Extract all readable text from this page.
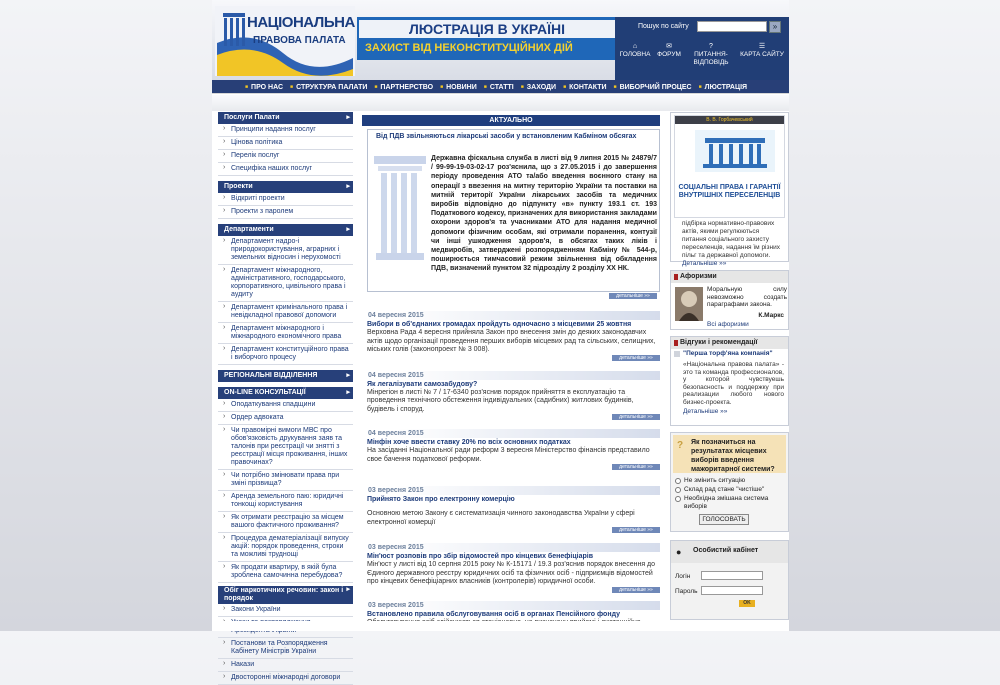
НАЦІОНАЛЬНА
ПРАВОВА ПАЛАТА
ЛЮСТРАЦІЯ В УКРАЇНІ
ЗАХИСТ ВІД НЕКОНСТИТУЦІЙНИХ ДІЙ
Пошук по сайту	»
⌂
ГОЛОВНА
✉
ФОРУМ
?
ПИТАННЯ-ВІДПОВІДЬ
☰
КАРТА САЙТУ
■ ПРО НАС	■ СТРУКТУРА ПАЛАТИ	■ ПАРТНЕРСТВО	■ НОВИНИ	■ СТАТТІ	■ ЗАХОДИ	■ КОНТАКТИ	■ ВИБОРЧИЙ ПРОЦЕС	■ ЛЮСТРАЦІЯ
Послуги Палати ▸
› Принципи надання послуг
› Цінова політика
› Перелік послуг
› Специфіка наших послуг
Проекти ▸
› Відкриті проекти
› Проекти з паролем
Департаменти ▸
› Департамент надро-і природокористування, аграрних і земельних відносин і нерухомості
› Департамент міжнародного, адміністративного, господарського, корпоративного, цивільного права і аудиту
› Департамент кримінального права і невідкладної правової допомоги
› Департамент міжнародного і міжнародного економічного права
› Департамент конституційного права і виборчого процесу
РЕГІОНАЛЬНІ ВІДДІЛЕННЯ ▸
ON-LINE КОНСУЛЬТАЦІЇ ▸
› Оподаткування спадщини
› Ордер адвоката
› Чи правомірні вимоги МВС про обов'язковість друкування заяв та талонів при реєстрації чи знятті з реєстрації місця проживання, інших правочинах?
› Чи потрібно змінювати права при зміні прізвища?
› Аренда земельного паю: юридичні тонкощі користування
› Як отримати реєстрацію за місцем вашого фактичного проживання?
› Процедура дематеріалізації випуску акцій: порядок проведення, строки та можливі труднощі
› Як продати квартиру, в якій була зроблена самочинна перебудова?
Обіг наркотичних речовин: закон і порядок ▸
› Закони України
›
› Постанови та Розпорядження Кабінету Міністрів України
› Накази
› Двосторонні міжнародні договори
АКТУАЛЬНО
Від ПДВ звільняються лікарські засоби у встановленим Кабміном обсягах
Державна фіскальна служба в листі від 9 липня 2015 № 24879/7 / 99-99-19-03-02-17 роз'яснила, що з 27.05.2015 і до завершення періоду проведення АТО та/або введення воєнного стану на операції з ввезення на митну територію України та поставки на митній території України лікарських засобів та медичних виробів відповідно до підпункту «в» пункту 193.1 ст. 193 Податкового кодексу, призначених для використання закладами охорони здоров'я та учасниками АТО для надання медичної допомоги фізичним особам, які отримали поранення, контузії чи інші ушкодження здоров'я, в обсягах таких ліків і медвиробів, затверджені розпорядженням Кабміну № 544-р, поширюється тимчасовий режим звільнення від обкладення ПДВ, визначений пунктом 32 підрозділу 2 розділу ХХ НК.
детальніше »»
04 вересня 2015
Вибори в об'єднаних громадах пройдуть одночасно з місцевими 25 жовтня
Верховна Рада 4 вересня прийняла Закон про внесення змін до деяких законодавчих актів щодо організації проведення перших виборів місцевих рад та сільських, селищних, міських голів (законопроект № 3 008).
детальніше »»
04 вересня 2015
Як легалізувати самозабудову?
Мінрегіон в листі № 7 / 17-6340 роз'яснив порядок прийняття в експлуатацію та проведення технічного обстеження індивідуальних (садибних) житлових будинків, будівель і споруд.
детальніше »»
04 вересня 2015
Мінфін хоче ввести ставку 20% по всіх основних податках
На засіданні Національної ради реформ 3 вересня Міністерство фінансів представило свое бачення податкової реформи.
детальніше »»
03 вересня 2015
Прийнято Закон про електронну комерцію
Основною метою Закону є систематизація чинного законодавства України у сфері електронної комерції
детальніше »»
03 вересня 2015
Мін'юст розповів про збір відомостей про кінцевих бенефіціарів
Мін'юст у листі від 10 серпня 2015 року № К-15171 / 19.3 роз'яснив порядок внесення до Єдиного державного реєстру юридичних осіб та фізичних осіб - підприємців відомостей про кінцевих бенефіціарних власників (контролерів) юридичної особи.
детальніше »»
03 вересня 2015
Встановлено правила обслуговування осіб в органах Пенсійного фонду
В. В. Горбачевський
СОЦІАЛЬНІ ПРАВА І ГАРАНТІЇ ВНУТРІШНІХ ПЕРЕСЕЛЕНЦІВ
підбірка нормативно-правових актів, якими регулюються питання соціального захисту переселенців, надання їм різних пільг та державної допомоги.
Детальніше »»
Афоризми
Моральную силу невозможно создать параграфами закона.
К.Маркс
Всі афоризми
Відгуки і рекомендації
"Перша торф'яна компанія"
«Національна правова палата» - это та команда профессионалов, у которой чувствуешь безопасность и поддержку при реализации любого нового бизнес-проекта.
Детальніше »»
? Як позначиться на результатах місцевих виборів введення мажоритарної системи?
Не змінить ситуацію
Склад рад стане "чистіше"
Необхідна змішана система виборів
ГОЛОСОВАТЬ
● Особистий кабінет
Логін
Пароль
OK
